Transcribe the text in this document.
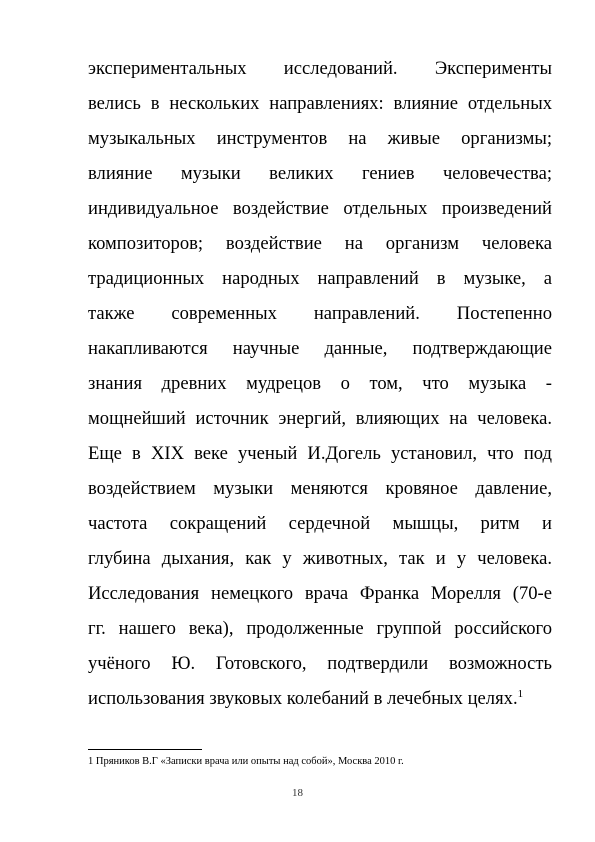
экспериментальных исследований. Эксперименты
велись в нескольких направлениях: влияние отдельных
музыкальных инструментов на живые организмы;
влияние музыки великих гениев человечества;
индивидуальное воздействие отдельных произведений
композиторов; воздействие на организм человека
традиционных народных направлений в музыке, а
также современных направлений. Постепенно
накапливаются научные данные, подтверждающие
знания древних мудрецов о том, что музыка -
мощнейший источник энергий, влияющих на человека.
Еще в XIX веке ученый И.Догель установил, что под
воздействием музыки меняются кровяное давление,
частота сокращений сердечной мышцы, ритм и
глубина дыхания, как у животных, так и у человека.
Исследования немецкого врача Франка Морелля (70-е
гг. нашего века), продолженные группой российского
учёного Ю. Готовского, подтвердили возможность
использования звуковых колебаний в лечебных целях.$^1$
1 Пряников В.Г «Записки врача или опыты над собой», Москва 2010 г.
18
